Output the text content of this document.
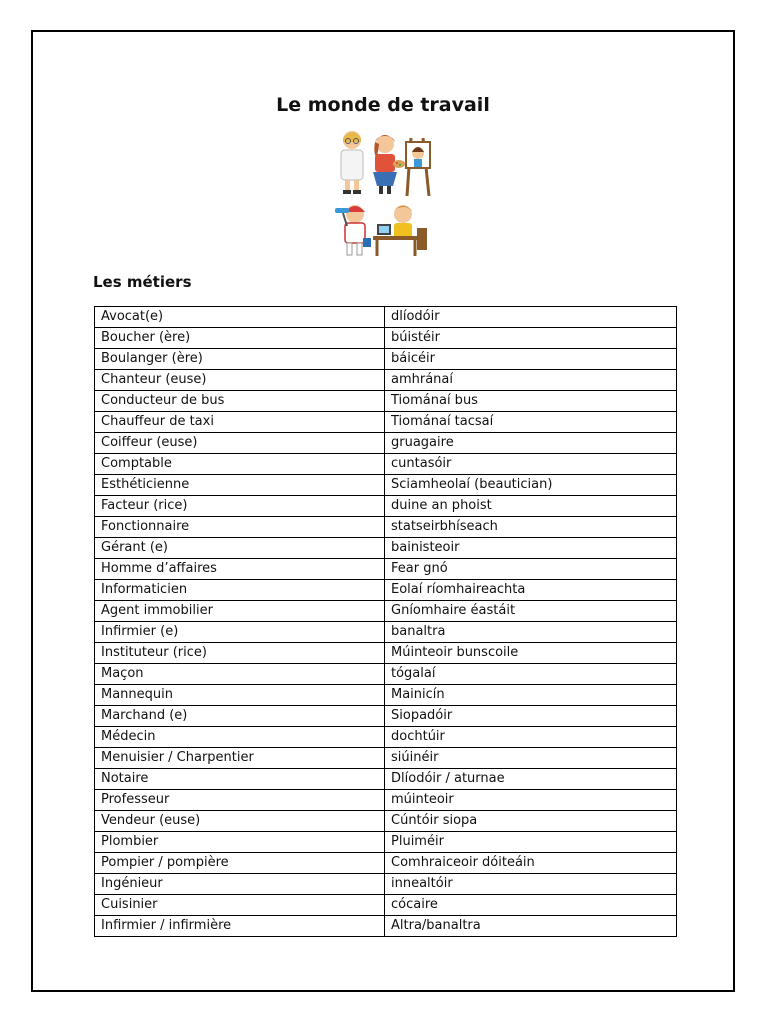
Le monde de travail
Les métiers
Avocat(e)	dlíodóir
Boucher (ère)	búistéir
Boulanger (ère)	báicéir
Chanteur (euse)	amhránaí
Conducteur de bus	Tiománaí bus
Chauffeur de taxi	Tiománaí tacsaí
Coiffeur (euse)	gruagaire
Comptable	cuntasóir
Esthéticienne	Sciamheolaí (beautician)
Facteur (rice)	duine an phoist
Fonctionnaire	statseirbhíseach
Gérant (e)	bainisteoir
Homme d’affaires	Fear gnó
Informaticien	Eolaí ríomhaireachta
Agent immobilier	Gníomhaire éastáit
Infirmier (e)	banaltra
Instituteur (rice)	Múinteoir bunscoile
Maçon	tógalaí
Mannequin	Mainicín
Marchand (e)	Siopadóir
Médecin	dochtúir
Menuisier / Charpentier	siúinéir
Notaire	Dlíodóir / aturnae
Professeur	múinteoir
Vendeur (euse)	Cúntóir siopa
Plombier	Pluiméir
Pompier / pompière	Comhraiceoir dóiteáin
Ingénieur	innealtóir
Cuisinier	cócaire
Infirmier / infirmière	Altra/banaltra
